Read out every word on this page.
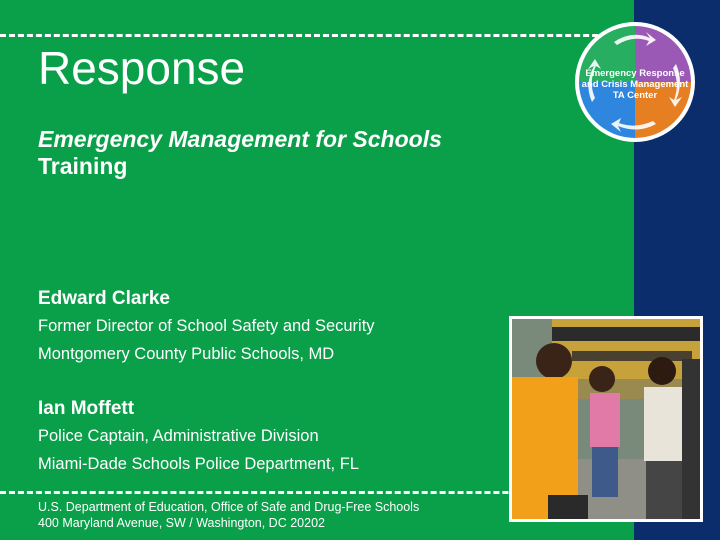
Response
Emergency Management for Schools
Training
Edward Clarke
Former Director of School Safety and Security
Montgomery County Public Schools, MD
Ian Moffett
Police Captain, Administrative Division
Miami-Dade Schools Police Department, FL
U.S. Department of Education, Office of Safe and Drug-Free Schools
400 Maryland Avenue, SW / Washington, DC 20202
Emergency Response
and Crisis Management
TA Center
